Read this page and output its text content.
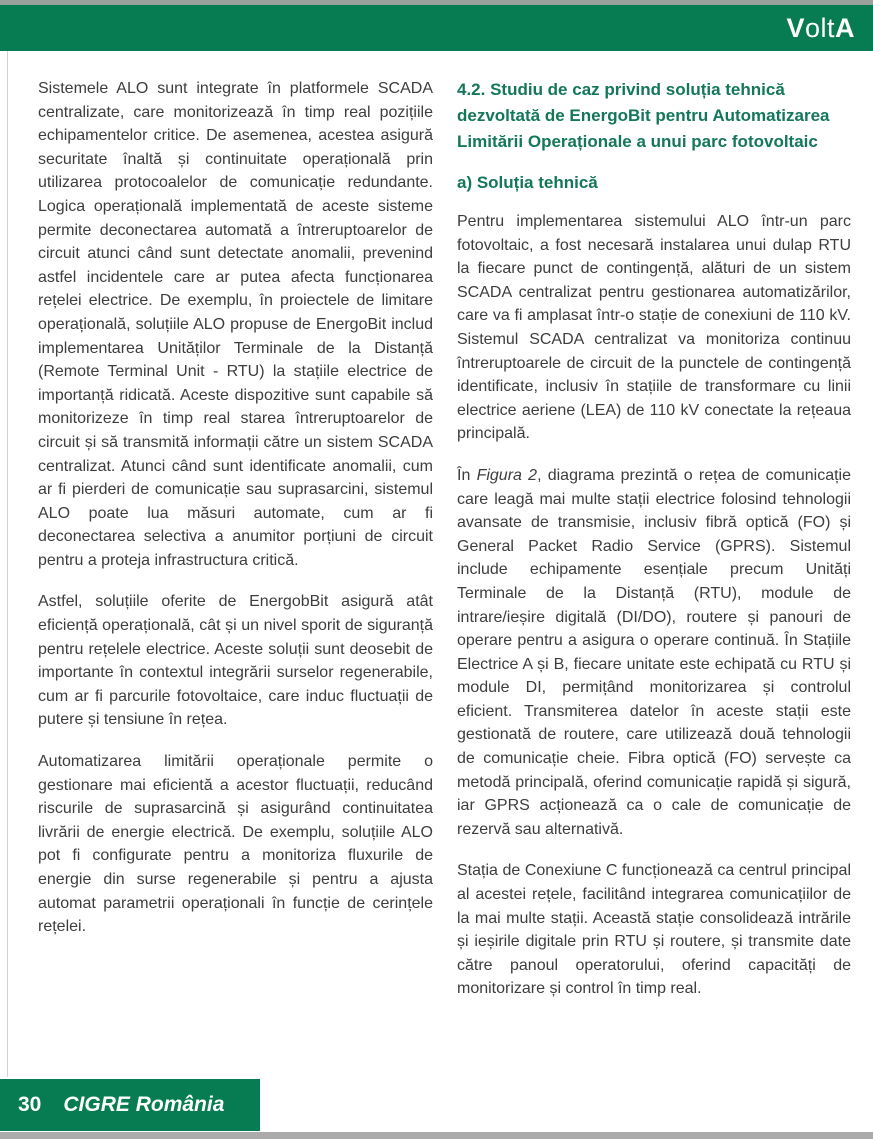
VoltA

Sistemele ALO sunt integrate în platformele SCADA centralizate, care monitorizează în timp real pozițiile echipamentelor critice. De asemenea, acestea asigură securitate înaltă și continuitate operațională prin utilizarea protocoalelor de comunicație redundante. Logica operațională implementată de aceste sisteme permite deconectarea automată a întreruptoarelor de circuit atunci când sunt detectate anomalii, prevenind astfel incidentele care ar putea afecta funcționarea rețelei electrice. De exemplu, în proiectele de limitare operațională, soluțiile ALO propuse de EnergoBit includ implementarea Unităților Terminale de la Distanță (Remote Terminal Unit - RTU) la stațiile electrice de importanță ridicată. Aceste dispozitive sunt capabile să monitorizeze în timp real starea întreruptoarelor de circuit și să transmită informații către un sistem SCADA centralizat. Atunci când sunt identificate anomalii, cum ar fi pierderi de comunicație sau suprasarcini, sistemul ALO poate lua măsuri automate, cum ar fi deconectarea selectiva a anumitor porțiuni de circuit pentru a proteja infrastructura critică.

Astfel, soluțiile oferite de EnergobBit asigură atât eficiență operațională, cât și un nivel sporit de siguranță pentru rețelele electrice. Aceste soluții sunt deosebit de importante în contextul integrării surselor regenerabile, cum ar fi parcurile fotovoltaice, care induc fluctuații de putere și tensiune în rețea.

Automatizarea limitării operaționale permite o gestionare mai eficientă a acestor fluctuații, reducând riscurile de suprasarcină și asigurând continuitatea livrării de energie electrică. De exemplu, soluțiile ALO pot fi configurate pentru a monitoriza fluxurile de energie din surse regenerabile și pentru a ajusta automat parametrii operaționali în funcție de cerințele rețelei.

4.2. Studiu de caz privind soluția tehnică dezvoltată de EnergoBit pentru Automatizarea Limitării Operaționale a unui parc fotovoltaic
a) Soluția tehnică

Pentru implementarea sistemului ALO într-un parc fotovoltaic, a fost necesară instalarea unui dulap RTU la fiecare punct de contingență, alături de un sistem SCADA centralizat pentru gestionarea automatizărilor, care va fi amplasat într-o stație de conexiuni de 110 kV. Sistemul SCADA centralizat va monitoriza continuu întreruptoarele de circuit de la punctele de contingență identificate, inclusiv în stațiile de transformare cu linii electrice aeriene (LEA) de 110 kV conectate la rețeaua principală.

În Figura 2, diagrama prezintă o rețea de comunicație care leagă mai multe stații electrice folosind tehnologii avansate de transmisie, inclusiv fibră optică (FO) și General Packet Radio Service (GPRS). Sistemul include echipamente esențiale precum Unități Terminale de la Distanță (RTU), module de intrare/ieșire digitală (DI/DO), routere și panouri de operare pentru a asigura o operare continuă. În Stațiile Electrice A și B, fiecare unitate este echipată cu RTU și module DI, permițând monitorizarea și controlul eficient. Transmiterea datelor în aceste stații este gestionată de routere, care utilizează două tehnologii de comunicație cheie. Fibra optică (FO) servește ca metodă principală, oferind comunicație rapidă și sigură, iar GPRS acționează ca o cale de comunicație de rezervă sau alternativă.

Stația de Conexiune C funcționează ca centrul principal al acestei rețele, facilitând integrarea comunicațiilor de la mai multe stații. Această stație consolidează intrările și ieșirile digitale prin RTU și routere, și transmite date către panoul operatorului, oferind capacități de monitorizare și control în timp real.

30 CIGRE România
